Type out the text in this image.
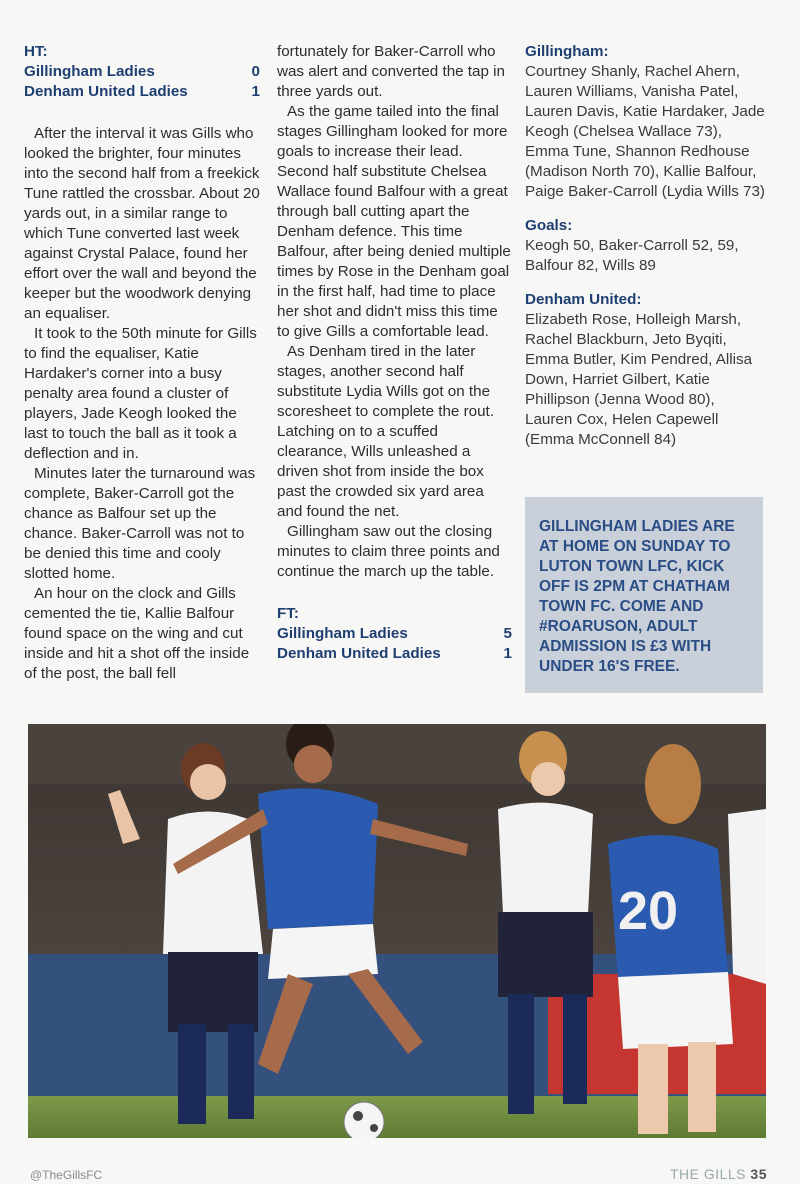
HT:
Gillingham Ladies	0
Denham United Ladies	1

After the interval it was Gills who looked the brighter, four minutes into the second half from a freekick Tune rattled the crossbar. About 20 yards out, in a similar range to which Tune converted last week against Crystal Palace, found her effort over the wall and beyond the keeper but the woodwork denying an equaliser.

It took to the 50th minute for Gills to find the equaliser, Katie Hardaker's corner into a busy penalty area found a cluster of players, Jade Keogh looked the last to touch the ball as it took a deflection and in.

Minutes later the turnaround was complete, Baker-Carroll got the chance as Balfour set up the chance. Baker-Carroll was not to be denied this time and cooly slotted home.

An hour on the clock and Gills cemented the tie, Kallie Balfour found space on the wing and cut inside and hit a shot off the inside of the post, the ball fell

fortunately for Baker-Carroll who was alert and converted the tap in three yards out.

As the game tailed into the final stages Gillingham looked for more goals to increase their lead. Second half substitute Chelsea Wallace found Balfour with a great through ball cutting apart the Denham defence. This time Balfour, after being denied multiple times by Rose in the Denham goal in the first half, had time to place her shot and didn't miss this time to give Gills a comfortable lead.

As Denham tired in the later stages, another second half substitute Lydia Wills got on the scoresheet to complete the rout. Latching on to a scuffed clearance, Wills unleashed a driven shot from inside the box past the crowded six yard area and found the net.

Gillingham saw out the closing minutes to claim three points and continue the march up the table.

FT:
Gillingham Ladies	5
Denham United Ladies	1
Gillingham:
Courtney Shanly, Rachel Ahern, Lauren Williams, Vanisha Patel, Lauren Davis, Katie Hardaker, Jade Keogh (Chelsea Wallace 73), Emma Tune, Shannon Redhouse (Madison North 70), Kallie Balfour, Paige Baker-Carroll (Lydia Wills 73)
Goals:
Keogh 50, Baker-Carroll 52, 59, Balfour 82, Wills 89
Denham United:
Elizabeth Rose, Holleigh Marsh, Rachel Blackburn, Jeto Byqiti, Emma Butler, Kim Pendred, Allisa Down, Harriet Gilbert, Katie Phillipson (Jenna Wood 80), Lauren Cox, Helen Capewell (Emma McConnell 84)
GILLINGHAM LADIES ARE AT HOME ON SUNDAY TO LUTON TOWN LFC, KICK OFF IS 2PM AT CHATHAM TOWN FC. COME AND #ROARUSON, ADULT ADMISSION IS £3 WITH UNDER 16'S FREE.
20
@TheGillsFC	THE GILLS 35
